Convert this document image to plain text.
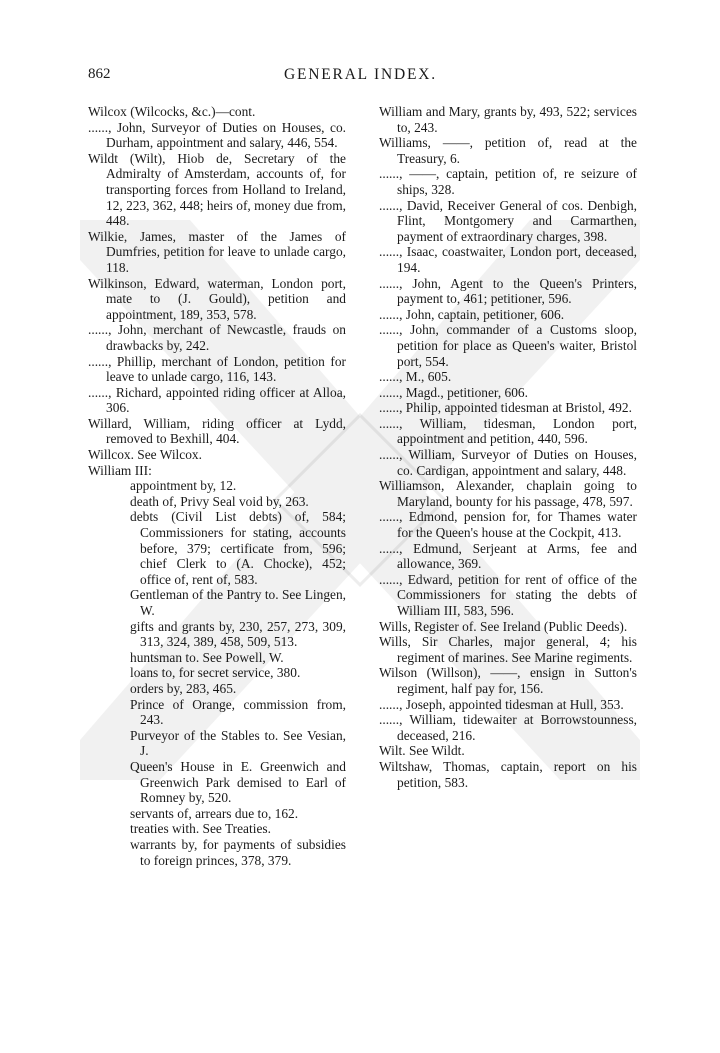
862	GENERAL INDEX.

Wilcox (Wilcocks, &c.)—cont.

......, John, Surveyor of Duties on Houses, co. Durham, appointment and salary, 446, 554.

Wildt (Wilt), Hiob de, Secretary of the Admiralty of Amsterdam, accounts of, for transporting forces from Holland to Ireland, 12, 223, 362, 448; heirs of, money due from, 448.

Wilkie, James, master of the James of Dumfries, petition for leave to unlade cargo, 118.

Wilkinson, Edward, waterman, London port, mate to (J. Gould), petition and appointment, 189, 353, 578.

......, John, merchant of Newcastle, frauds on drawbacks by, 242.

......, Phillip, merchant of London, petition for leave to unlade cargo, 116, 143.

......, Richard, appointed riding officer at Alloa, 306.

Willard, William, riding officer at Lydd, removed to Bexhill, 404.

Willcox. See Wilcox.

William III:

appointment by, 12.

death of, Privy Seal void by, 263.

debts (Civil List debts) of, 584; Commissioners for stating, accounts before, 379; certificate from, 596; chief Clerk to (A. Chocke), 452; office of, rent of, 583.

Gentleman of the Pantry to. See Lingen, W.

gifts and grants by, 230, 257, 273, 309, 313, 324, 389, 458, 509, 513.

huntsman to. See Powell, W.

loans to, for secret service, 380.

orders by, 283, 465.

Prince of Orange, commission from, 243.

Purveyor of the Stables to. See Vesian, J.

Queen's House in E. Greenwich and Greenwich Park demised to Earl of Romney by, 520.

servants of, arrears due to, 162.

treaties with. See Treaties.

warrants by, for payments of subsidies to foreign princes, 378, 379.

William and Mary, grants by, 493, 522; services to, 243.

Williams, ——, petition of, read at the Treasury, 6.

......, ——, captain, petition of, re seizure of ships, 328.

......, David, Receiver General of cos. Denbigh, Flint, Montgomery and Carmarthen, payment of extraordinary charges, 398.

......, Isaac, coastwaiter, London port, deceased, 194.

......, John, Agent to the Queen's Printers, payment to, 461; petitioner, 596.

......, John, captain, petitioner, 606.

......, John, commander of a Customs sloop, petition for place as Queen's waiter, Bristol port, 554.

......, M., 605.

......, Magd., petitioner, 606.

......, Philip, appointed tidesman at Bristol, 492.

......, William, tidesman, London port, appointment and petition, 440, 596.

......, William, Surveyor of Duties on Houses, co. Cardigan, appointment and salary, 448.

Williamson, Alexander, chaplain going to Maryland, bounty for his passage, 478, 597.

......, Edmond, pension for, for Thames water for the Queen's house at the Cockpit, 413.

......, Edmund, Serjeant at Arms, fee and allowance, 369.

......, Edward, petition for rent of office of the Commissioners for stating the debts of William III, 583, 596.

Wills, Register of. See Ireland (Public Deeds).

Wills, Sir Charles, major general, 4; his regiment of marines. See Marine regiments.

Wilson (Willson), ——, ensign in Sutton's regiment, half pay for, 156.

......, Joseph, appointed tidesman at Hull, 353.

......, William, tidewaiter at Borrowstounness, deceased, 216.

Wilt. See Wildt.

Wiltshaw, Thomas, captain, report on his petition, 583.
